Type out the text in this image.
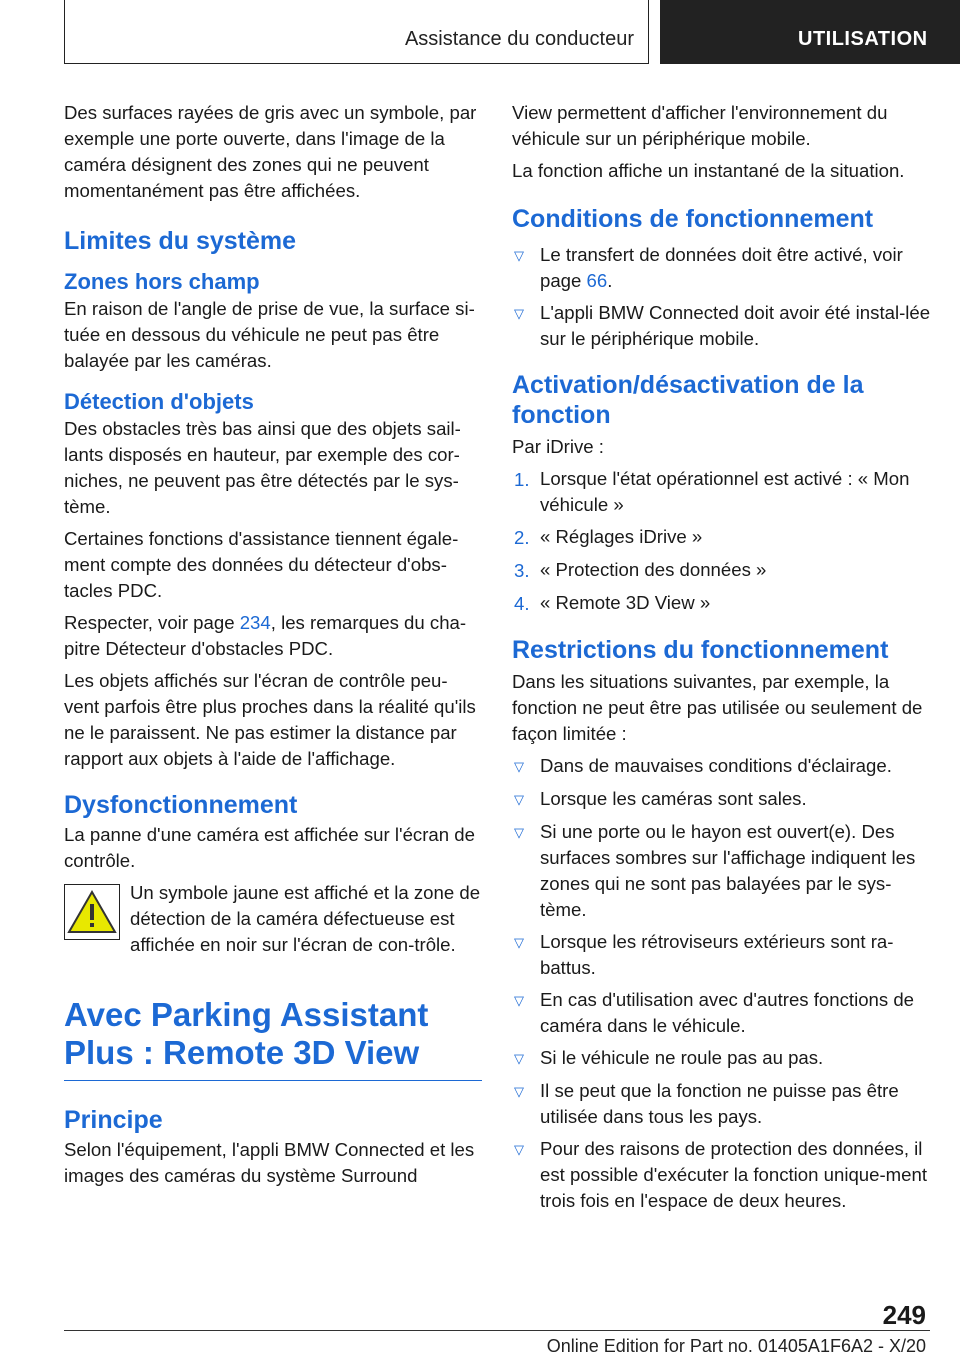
Assistance du conducteur	UTILISATION

Des surfaces rayées de gris avec un symbole, par exemple une porte ouverte, dans l'image de la caméra désignent des zones qui ne peuvent momentanément pas être affichées.

Limites du système
Zones hors champ

En raison de l'angle de prise de vue, la surface si-tuée en dessous du véhicule ne peut pas être balayée par les caméras.

Détection d'objets

Des obstacles très bas ainsi que des objets sail-lants disposés en hauteur, par exemple des cor-niches, ne peuvent pas être détectés par le sys-tème.

Certaines fonctions d'assistance tiennent égale-ment compte des données du détecteur d'obs-tacles PDC.

Respecter, voir page 234, les remarques du cha-pitre Détecteur d'obstacles PDC.

Les objets affichés sur l'écran de contrôle peu-vent parfois être plus proches dans la réalité qu'ils ne le paraissent. Ne pas estimer la distance par rapport aux objets à l'aide de l'affichage.

Dysfonctionnement

La panne d'une caméra est affichée sur l'écran de contrôle.

Un symbole jaune est affiché et la zone de détection de la caméra défectueuse est affichée en noir sur l'écran de con-trôle.

Avec Parking Assistant Plus : Remote 3D View
Principe

Selon l'équipement, l'appli BMW Connected et les images des caméras du système Surround

View permettent d'afficher l'environnement du véhicule sur un périphérique mobile.

La fonction affiche un instantané de la situation.

Conditions de fonctionnement
▽ Le transfert de données doit être activé, voir page 66.
▽ L'appli BMW Connected doit avoir été instal-lée sur le périphérique mobile.
Activation/désactivation de la fonction

Par iDrive :

1. Lorsque l'état opérationnel est activé : « Mon véhicule »
2. « Réglages iDrive »
3. « Protection des données »
4. « Remote 3D View »
Restrictions du fonctionnement

Dans les situations suivantes, par exemple, la fonction ne peut être pas utilisée ou seulement de façon limitée :

▽ Dans de mauvaises conditions d'éclairage.
▽ Lorsque les caméras sont sales.
▽ Si une porte ou le hayon est ouvert(e). Des surfaces sombres sur l'affichage indiquent les zones qui ne sont pas balayées par le sys-tème.
▽ Lorsque les rétroviseurs extérieurs sont ra-battus.
▽ En cas d'utilisation avec d'autres fonctions de caméra dans le véhicule.
▽ Si le véhicule ne roule pas au pas.
▽ Il se peut que la fonction ne puisse pas être utilisée dans tous les pays.
▽ Pour des raisons de protection des données, il est possible d'exécuter la fonction unique-ment trois fois en l'espace de deux heures.
249
Online Edition for Part no. 01405A1F6A2 - X/20
